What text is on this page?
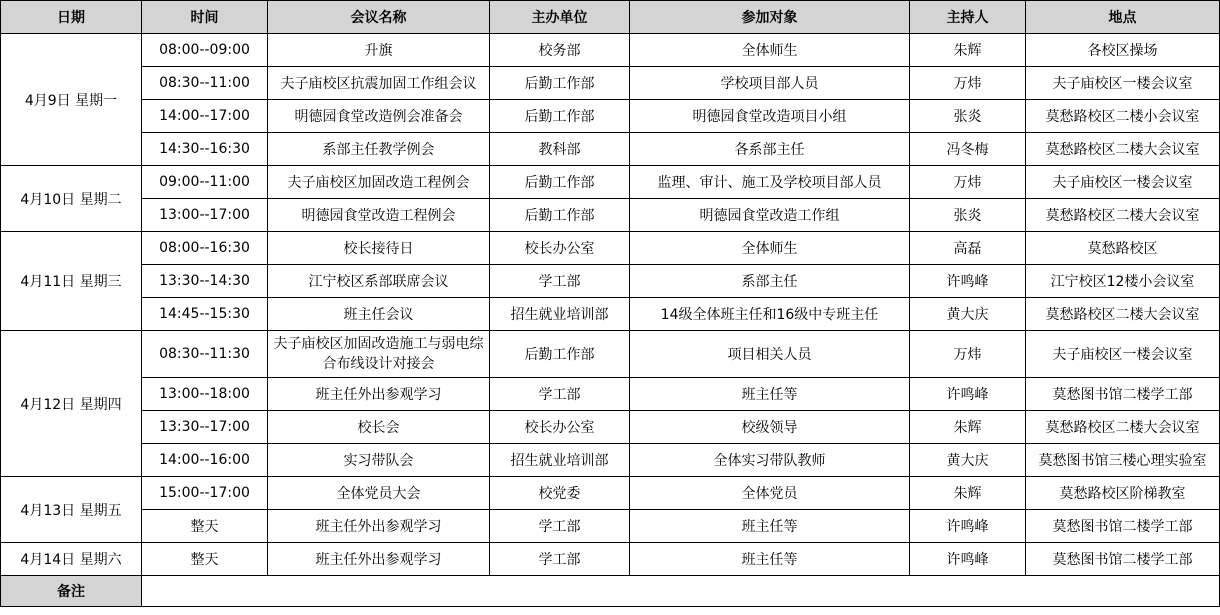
日期	时间	会议名称	主办单位	参加对象	主持人	地点
4月9日 星期一	08:00--09:00	升旗	校务部	全体师生	朱辉	各校区操场
	08:30--11:00	夫子庙校区抗震加固工作组会议	后勤工作部	学校项目部人员	万炜	夫子庙校区一楼会议室
	14:00--17:00	明德园食堂改造例会准备会	后勤工作部	明德园食堂改造项目小组	张炎	莫愁路校区二楼小会议室
	14:30--16:30	系部主任教学例会	教科部	各系部主任	冯冬梅	莫愁路校区二楼大会议室
4月10日 星期二	09:00--11:00	夫子庙校区加固改造工程例会	后勤工作部	监理、审计、施工及学校项目部人员	万炜	夫子庙校区一楼会议室
	13:00--17:00	明德园食堂改造工程例会	后勤工作部	明德园食堂改造工作组	张炎	莫愁路校区二楼大会议室
4月11日 星期三	08:00--16:30	校长接待日	校长办公室	全体师生	高磊	莫愁路校区
	13:30--14:30	江宁校区系部联席会议	学工部	系部主任	许鸣峰	江宁校区12楼小会议室
	14:45--15:30	班主任会议	招生就业培训部	14级全体班主任和16级中专班主任	黄大庆	莫愁路校区二楼大会议室
4月12日 星期四	08:30--11:30	夫子庙校区加固改造施工与弱电综合布线设计对接会	后勤工作部	项目相关人员	万炜	夫子庙校区一楼会议室
	13:00--18:00	班主任外出参观学习	学工部	班主任等	许鸣峰	莫愁图书馆二楼学工部
	13:30--17:00	校长会	校长办公室	校级领导	朱辉	莫愁路校区二楼大会议室
	14:00--16:00	实习带队会	招生就业培训部	全体实习带队教师	黄大庆	莫愁图书馆三楼心理实验室
4月13日 星期五	15:00--17:00	全体党员大会	校党委	全体党员	朱辉	莫愁路校区阶梯教室
	整天	班主任外出参观学习	学工部	班主任等	许鸣峰	莫愁图书馆二楼学工部
4月14日 星期六	整天	班主任外出参观学习	学工部	班主任等	许鸣峰	莫愁图书馆二楼学工部
备注						
